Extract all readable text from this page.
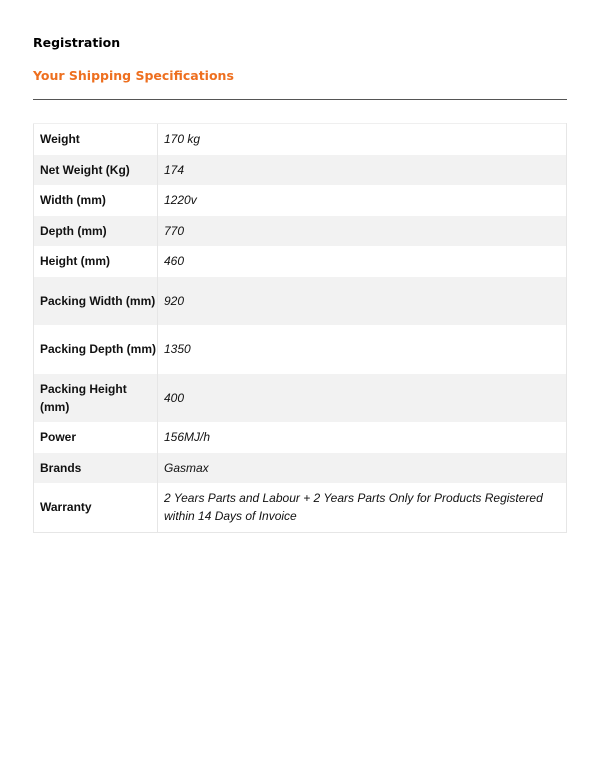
Registration
Your Shipping Specifications
Weight	170 kg
Net Weight (Kg)	174
Width (mm)	1220v
Depth (mm)	770
Height (mm)	460
Packing Width (mm)	920
Packing Depth (mm)	1350
Packing Height (mm)	400
Power	156MJ/h
Brands	Gasmax
Warranty	2 Years Parts and Labour + 2 Years Parts Only for Products Registered within 14 Days of Invoice
